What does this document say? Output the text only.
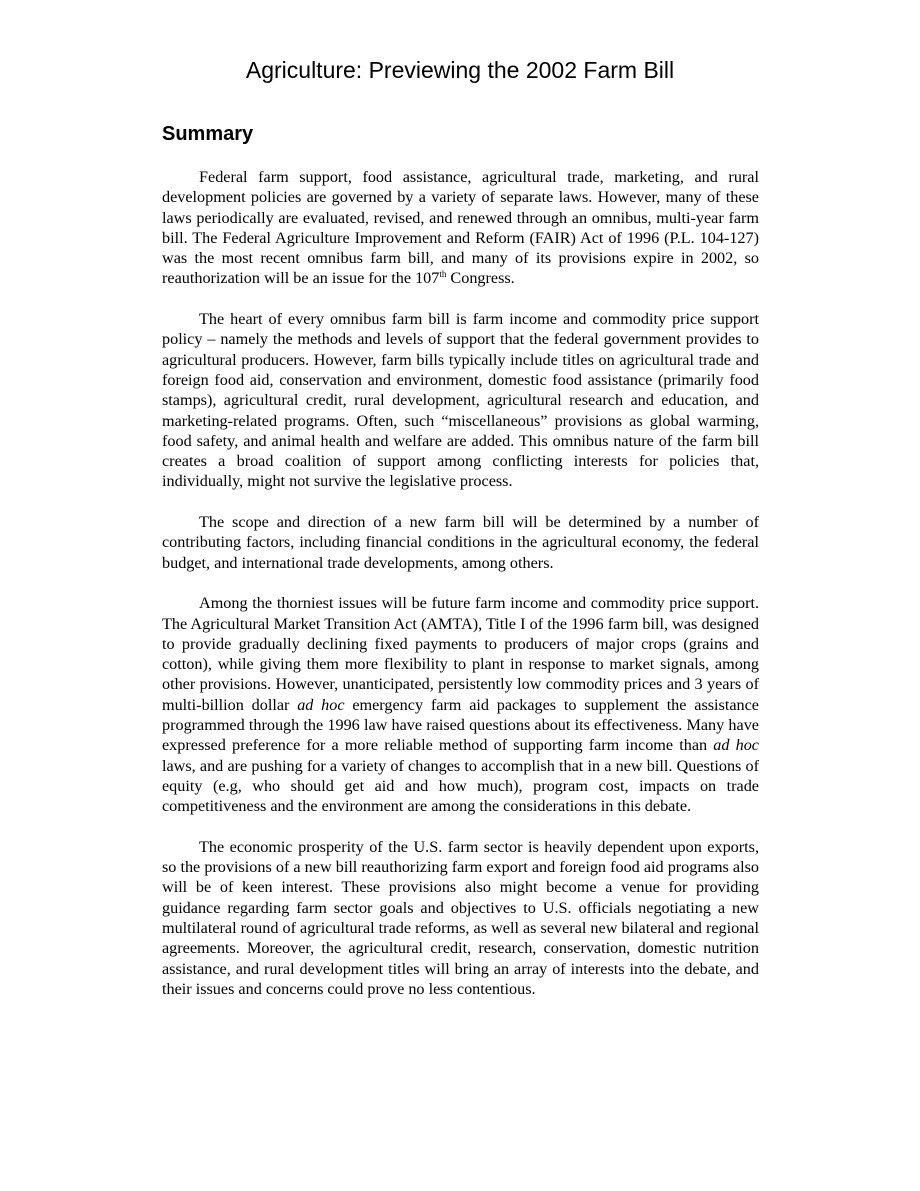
Agriculture: Previewing the 2002 Farm Bill
Summary

Federal farm support, food assistance, agricultural trade, marketing, and rural development policies are governed by a variety of separate laws. However, many of these laws periodically are evaluated, revised, and renewed through an omnibus, multi-year farm bill. The Federal Agriculture Improvement and Reform (FAIR) Act of 1996 (P.L. 104-127) was the most recent omnibus farm bill, and many of its provisions expire in 2002, so reauthorization will be an issue for the 107th Congress.

The heart of every omnibus farm bill is farm income and commodity price support policy – namely the methods and levels of support that the federal government provides to agricultural producers. However, farm bills typically include titles on agricultural trade and foreign food aid, conservation and environment, domestic food assistance (primarily food stamps), agricultural credit, rural development, agricultural research and education, and marketing-related programs. Often, such “miscellaneous” provisions as global warming, food safety, and animal health and welfare are added. This omnibus nature of the farm bill creates a broad coalition of support among conflicting interests for policies that, individually, might not survive the legislative process.

The scope and direction of a new farm bill will be determined by a number of contributing factors, including financial conditions in the agricultural economy, the federal budget, and international trade developments, among others.

Among the thorniest issues will be future farm income and commodity price support. The Agricultural Market Transition Act (AMTA), Title I of the 1996 farm bill, was designed to provide gradually declining fixed payments to producers of major crops (grains and cotton), while giving them more flexibility to plant in response to market signals, among other provisions. However, unanticipated, persistently low commodity prices and 3 years of multi-billion dollar ad hoc emergency farm aid packages to supplement the assistance programmed through the 1996 law have raised questions about its effectiveness. Many have expressed preference for a more reliable method of supporting farm income than ad hoc laws, and are pushing for a variety of changes to accomplish that in a new bill. Questions of equity (e.g, who should get aid and how much), program cost, impacts on trade competitiveness and the environment are among the considerations in this debate.

The economic prosperity of the U.S. farm sector is heavily dependent upon exports, so the provisions of a new bill reauthorizing farm export and foreign food aid programs also will be of keen interest. These provisions also might become a venue for providing guidance regarding farm sector goals and objectives to U.S. officials negotiating a new multilateral round of agricultural trade reforms, as well as several new bilateral and regional agreements. Moreover, the agricultural credit, research, conservation, domestic nutrition assistance, and rural development titles will bring an array of interests into the debate, and their issues and concerns could prove no less contentious.
